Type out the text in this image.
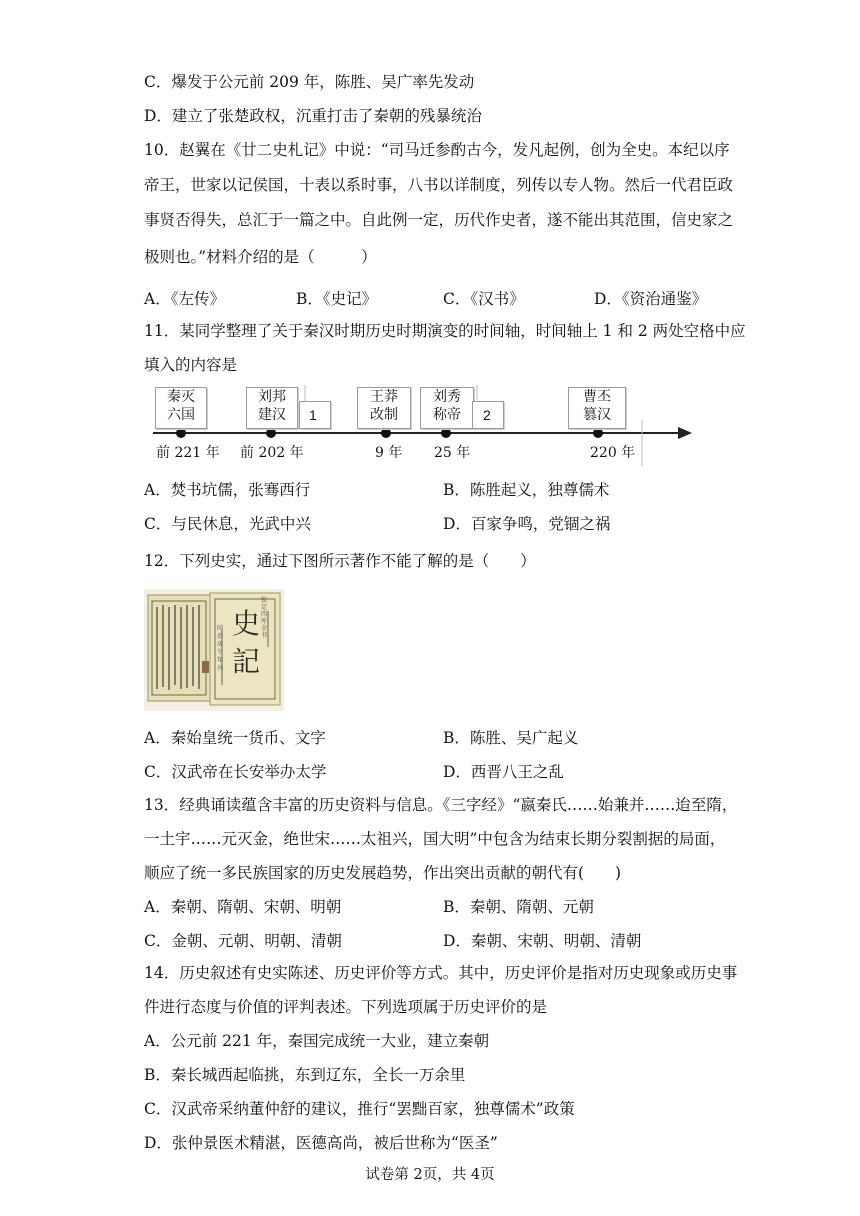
C．爆发于公元前 209 年，陈胜、吴广率先发动
D．建立了张楚政权，沉重打击了秦朝的残暴统治
10．赵翼在《廿二史札记》中说：“司马迁参酌古今，发凡起例，创为全史。本纪以序
帝王，世家以记侯国，十表以系时事，八书以详制度，列传以专人物。然后一代君臣政
事贤否得失，总汇于一篇之中。自此例一定，历代作史者，遂不能出其范围，信史家之
极则也。”材料介绍的是（　　　）
A．《左传》	B．《史记》	C．《汉书》	D．《资治通鉴》
11．某同学整理了关于秦汉时期历史时期演变的时间轴，时间轴上 1 和 2 两处空格中应
填入的内容是
秦灭
六国
刘邦
建汉	1
王莽
改制
刘秀
称帝	2
曹丕
篡汉
前 221 年 前 202 年	9 年 25 年	220 年
A．焚书坑儒，张骞西行	B．陈胜起义，独尊儒术
C．与民休息，光武中兴	D．百家争鸣，党锢之祸
12．下列史实，通过下图所示著作不能了解的是（　　）
史
記
钦定四库全书
同治庚午年刊
A．秦始皇统一货币、文字	B．陈胜、吴广起义
C．汉武帝在长安举办太学	D．西晋八王之乱
13．经典诵读蕴含丰富的历史资料与信息。《三字经》“嬴秦氏……始兼并……迨至隋，
一土宇……元灭金，绝世宋……太祖兴，国大明”中包含为结束长期分裂割据的局面，
顺应了统一多民族国家的历史发展趋势，作出突出贡献的朝代有(　　)
A．秦朝、隋朝、宋朝、明朝	B．秦朝、隋朝、元朝
C．金朝、元朝、明朝、清朝	D．秦朝、宋朝、明朝、清朝
14．历史叙述有史实陈述、历史评价等方式。其中，历史评价是指对历史现象或历史事
件进行态度与价值的评判表述。下列选项属于历史评价的是
A．公元前 221 年，秦国完成统一大业，建立秦朝
B．秦长城西起临挑，东到辽东，全长一万余里
C．汉武帝采纳董仲舒的建议，推行“罢黜百家，独尊儒术”政策
D．张仲景医术精湛，医德高尚，被后世称为“医圣”
试卷第 2页，共 4页
